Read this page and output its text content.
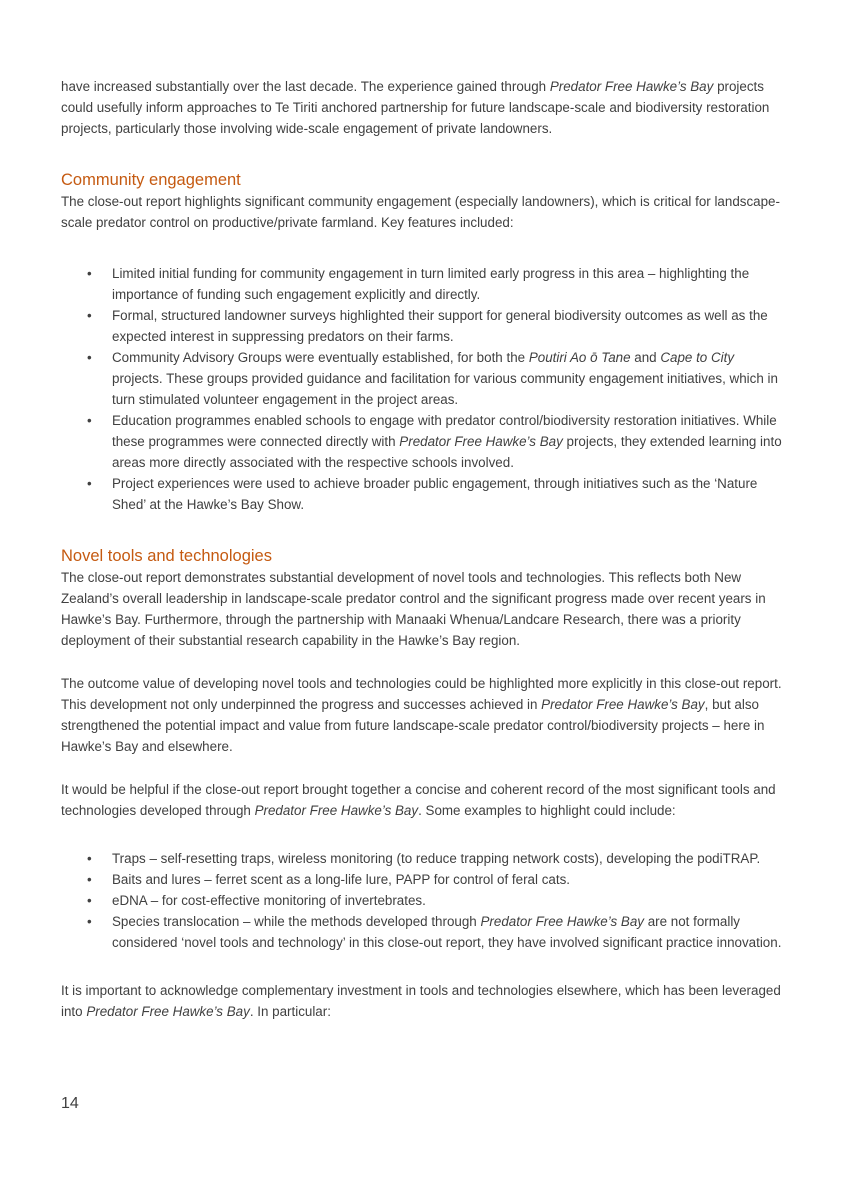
have increased substantially over the last decade. The experience gained through Predator Free Hawke’s Bay projects could usefully inform approaches to Te Tiriti anchored partnership for future landscape-scale and biodiversity restoration projects, particularly those involving wide-scale engagement of private landowners.

Community engagement

The close-out report highlights significant community engagement (especially landowners), which is critical for landscape-scale predator control on productive/private farmland. Key features included:

• Limited initial funding for community engagement in turn limited early progress in this area – highlighting the importance of funding such engagement explicitly and directly.
• Formal, structured landowner surveys highlighted their support for general biodiversity outcomes as well as the expected interest in suppressing predators on their farms.
• Community Advisory Groups were eventually established, for both the Poutiri Ao ō Tane and Cape to City projects. These groups provided guidance and facilitation for various community engagement initiatives, which in turn stimulated volunteer engagement in the project areas.
• Education programmes enabled schools to engage with predator control/biodiversity restoration initiatives. While these programmes were connected directly with Predator Free Hawke’s Bay projects, they extended learning into areas more directly associated with the respective schools involved.
• Project experiences were used to achieve broader public engagement, through initiatives such as the ‘Nature Shed’ at the Hawke’s Bay Show.
Novel tools and technologies

The close-out report demonstrates substantial development of novel tools and technologies. This reflects both New Zealand’s overall leadership in landscape-scale predator control and the significant progress made over recent years in Hawke’s Bay. Furthermore, through the partnership with Manaaki Whenua/Landcare Research, there was a priority deployment of their substantial research capability in the Hawke’s Bay region.

The outcome value of developing novel tools and technologies could be highlighted more explicitly in this close-out report. This development not only underpinned the progress and successes achieved in Predator Free Hawke’s Bay, but also strengthened the potential impact and value from future landscape-scale predator control/biodiversity projects – here in Hawke’s Bay and elsewhere.

It would be helpful if the close-out report brought together a concise and coherent record of the most significant tools and technologies developed through Predator Free Hawke’s Bay. Some examples to highlight could include:

• Traps – self-resetting traps, wireless monitoring (to reduce trapping network costs), developing the podiTRAP.
• Baits and lures – ferret scent as a long-life lure, PAPP for control of feral cats.
• eDNA – for cost-effective monitoring of invertebrates.
• Species translocation – while the methods developed through Predator Free Hawke’s Bay are not formally considered ‘novel tools and technology’ in this close-out report, they have involved significant practice innovation.

It is important to acknowledge complementary investment in tools and technologies elsewhere, which has been leveraged into Predator Free Hawke’s Bay. In particular:

14
